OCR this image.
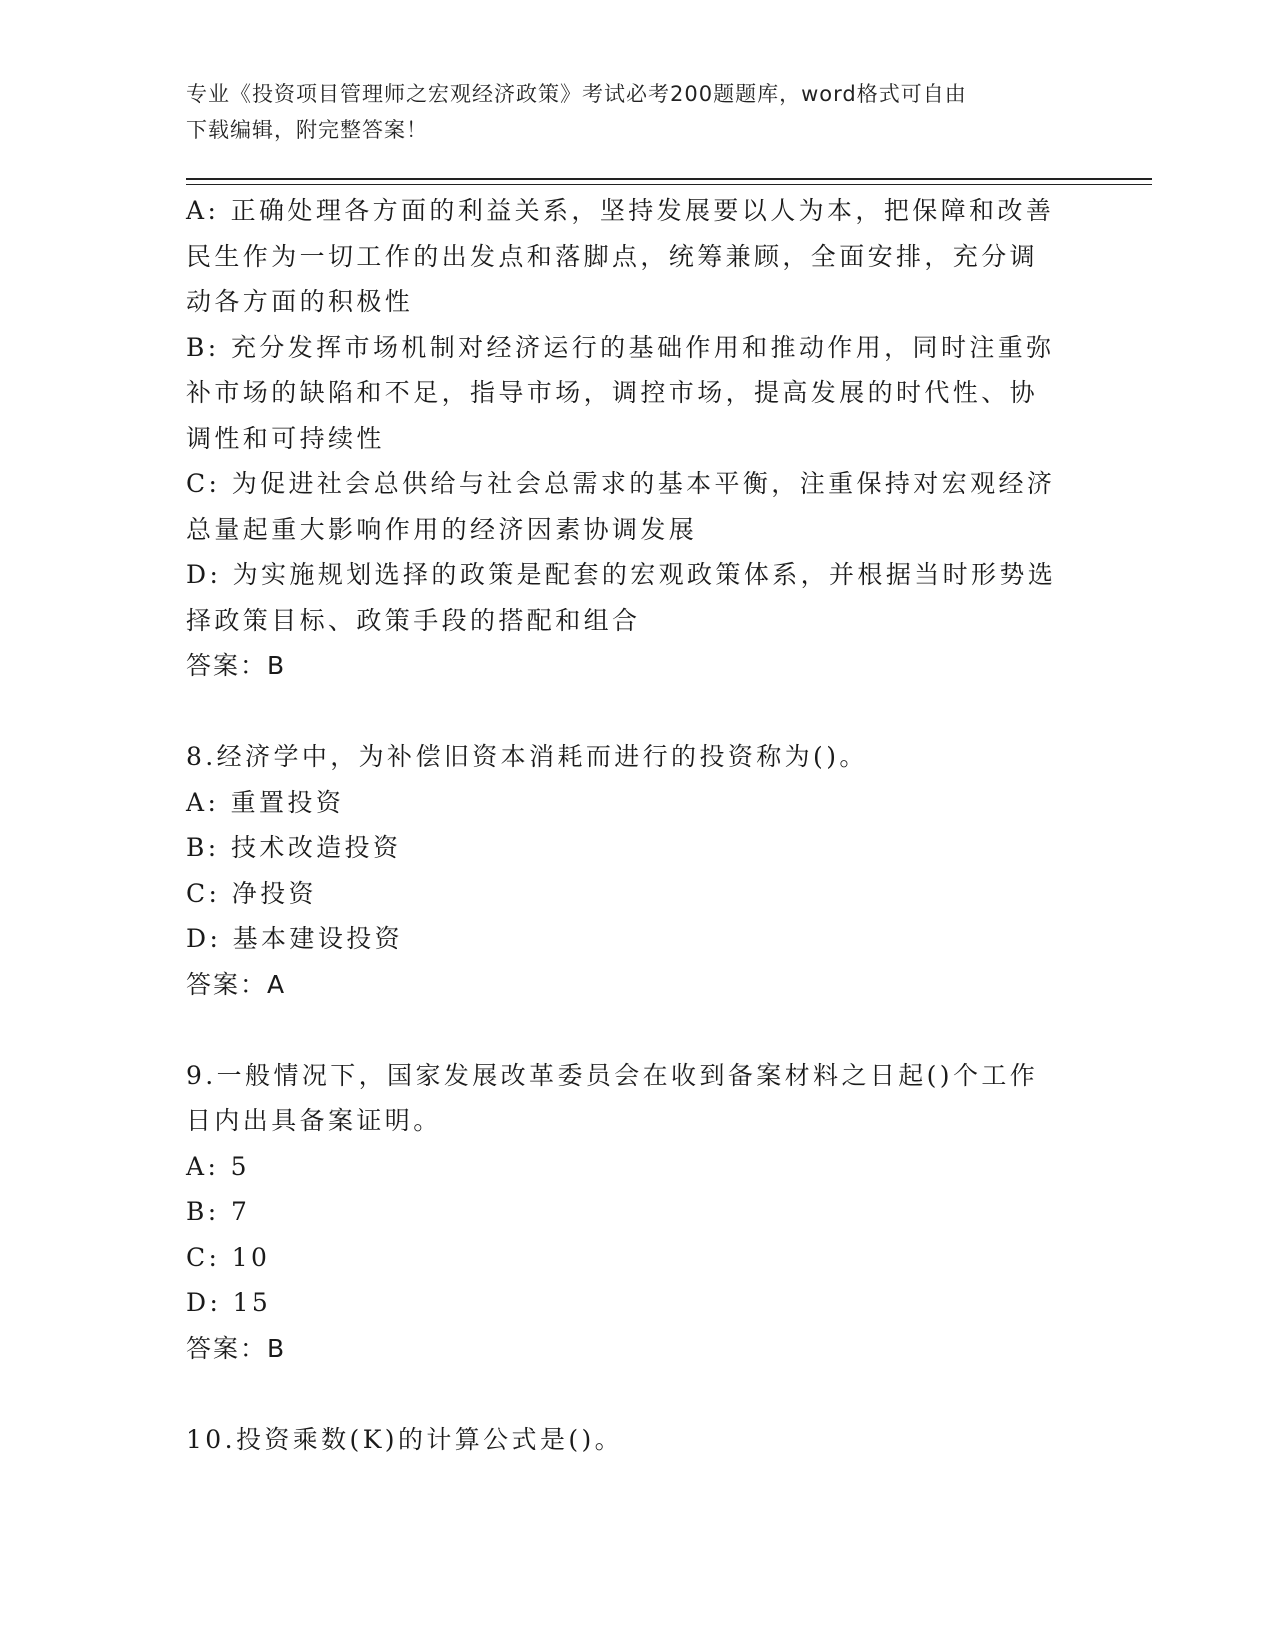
专业《投资项目管理师之宏观经济政策》考试必考200题题库，word格式可自由
下载编辑，附完整答案！
A: 正确处理各方面的利益关系，坚持发展要以人为本，把保障和改善
民生作为一切工作的出发点和落脚点，统筹兼顾，全面安排，充分调
动各方面的积极性
B: 充分发挥市场机制对经济运行的基础作用和推动作用，同时注重弥
补市场的缺陷和不足，指导市场，调控市场，提高发展的时代性、协
调性和可持续性
C: 为促进社会总供给与社会总需求的基本平衡，注重保持对宏观经济
总量起重大影响作用的经济因素协调发展
D: 为实施规划选择的政策是配套的宏观政策体系，并根据当时形势选
择政策目标、政策手段的搭配和组合
答案：B
8.经济学中，为补偿旧资本消耗而进行的投资称为()。
A: 重置投资
B: 技术改造投资
C: 净投资
D: 基本建设投资
答案：A
9.一般情况下，国家发展改革委员会在收到备案材料之日起()个工作
日内出具备案证明。
A: 5
B: 7
C: 10
D: 15
答案：B
10.投资乘数(K)的计算公式是()。
